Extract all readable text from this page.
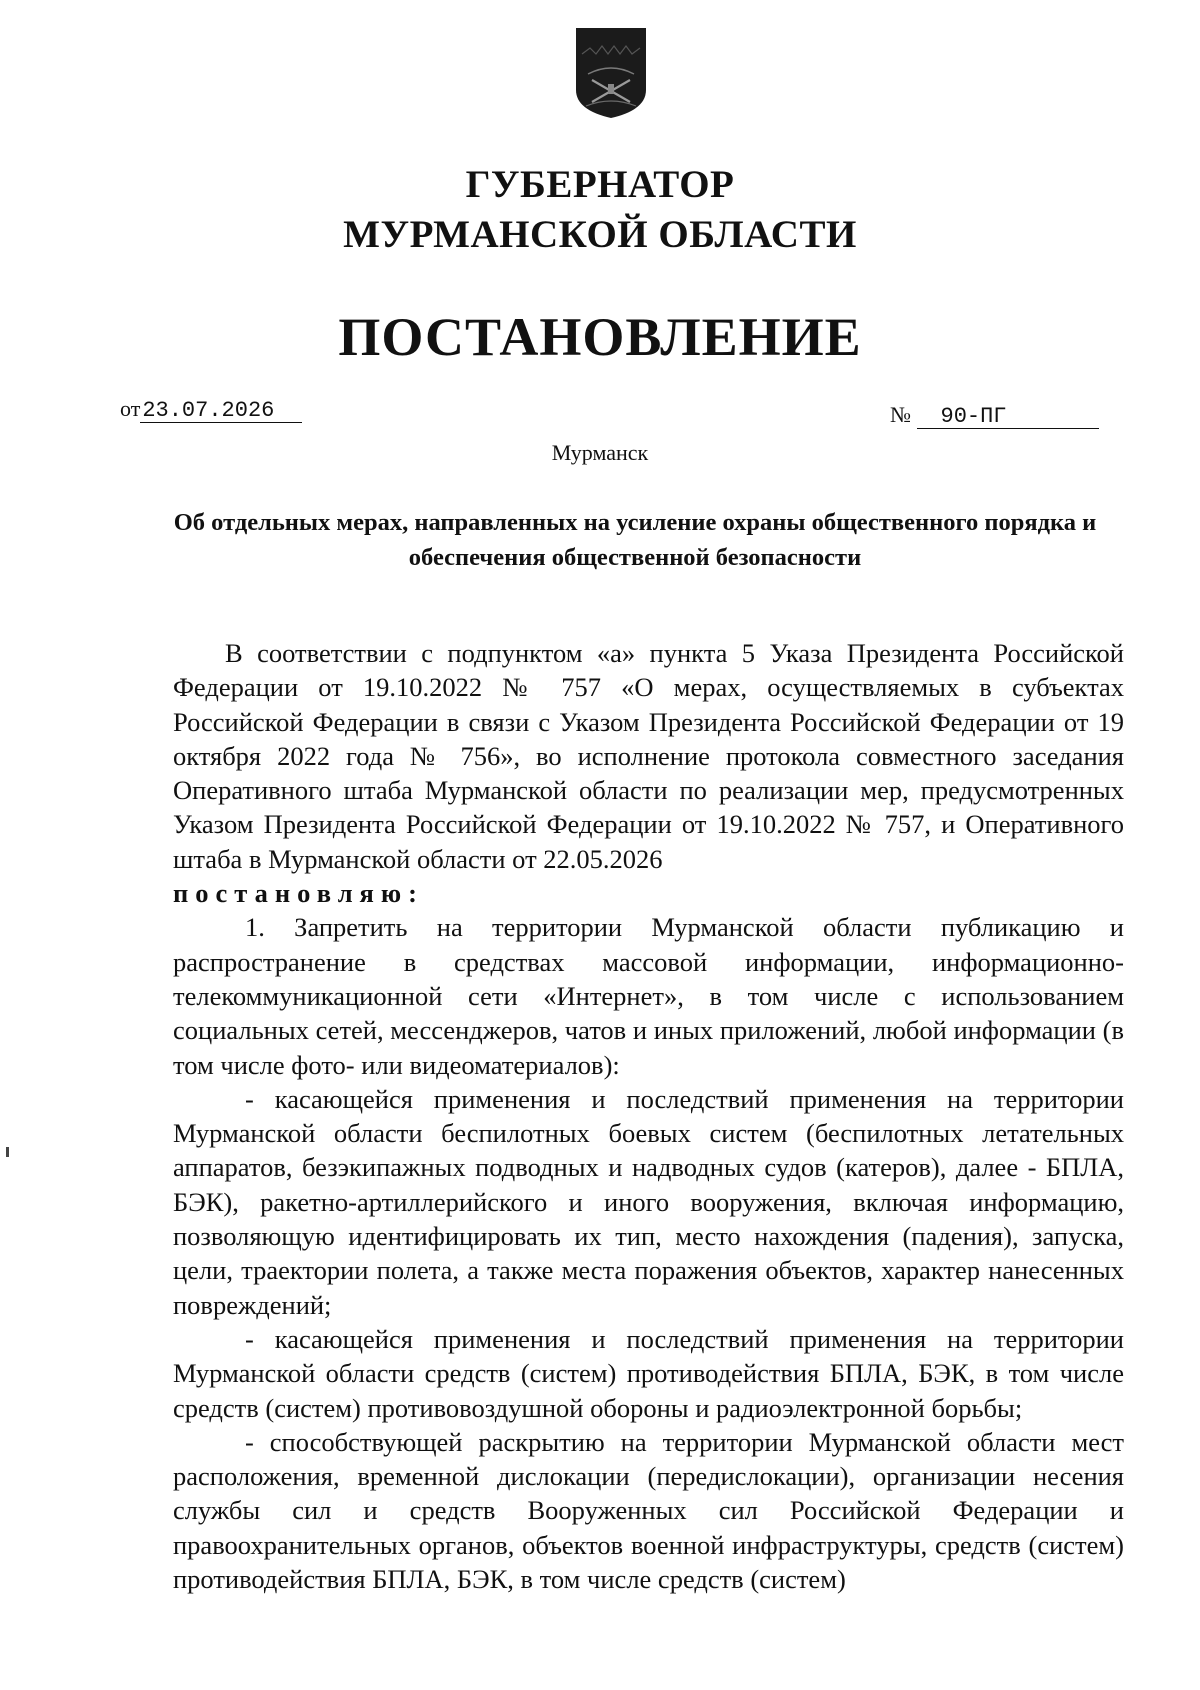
ГУБЕРНАТОР
МУРМАНСКОЙ ОБЛАСТИ
ПОСТАНОВЛЕНИЕ
от23.07.2026	№ 90-ПГ
Мурманск
Об отдельных мерах, направленных на усиление охраны общественного порядка и обеспечения общественной безопасности

В соответствии с подпунктом «а» пункта 5 Указа Президента Российской Федерации от 19.10.2022 № 757 «О мерах, осуществляемых в субъектах Российской Федерации в связи с Указом Президента Российской Федерации от 19 октября 2022 года № 756», во исполнение протокола совместного заседания Оперативного штаба Мурманской области по реализации мер, предусмотренных Указом Президента Российской Федерации от 19.10.2022 № 757, и Оперативного штаба в Мурманской области от 22.05.2026

постановляю:

1. Запретить на территории Мурманской области публикацию и распространение в средствах массовой информации, информационно-телекоммуникационной сети «Интернет», в том числе с использованием социальных сетей, мессенджеров, чатов и иных приложений, любой информации (в том числе фото- или видеоматериалов):

- касающейся применения и последствий применения на территории Мурманской области беспилотных боевых систем (беспилотных летательных аппаратов, безэкипажных подводных и надводных судов (катеров), далее - БПЛА, БЭК), ракетно-артиллерийского и иного вооружения, включая информацию, позволяющую идентифицировать их тип, место нахождения (падения), запуска, цели, траектории полета, а также места поражения объектов, характер нанесенных повреждений;

- касающейся применения и последствий применения на территории Мурманской области средств (систем) противодействия БПЛА, БЭК, в том числе средств (систем) противовоздушной обороны и радиоэлектронной борьбы;

- способствующей раскрытию на территории Мурманской области мест расположения, временной дислокации (передислокации), организации несения службы сил и средств Вооруженных сил Российской Федерации и правоохранительных органов, объектов военной инфраструктуры, средств (систем) противодействия БПЛА, БЭК, в том числе средств (систем)
